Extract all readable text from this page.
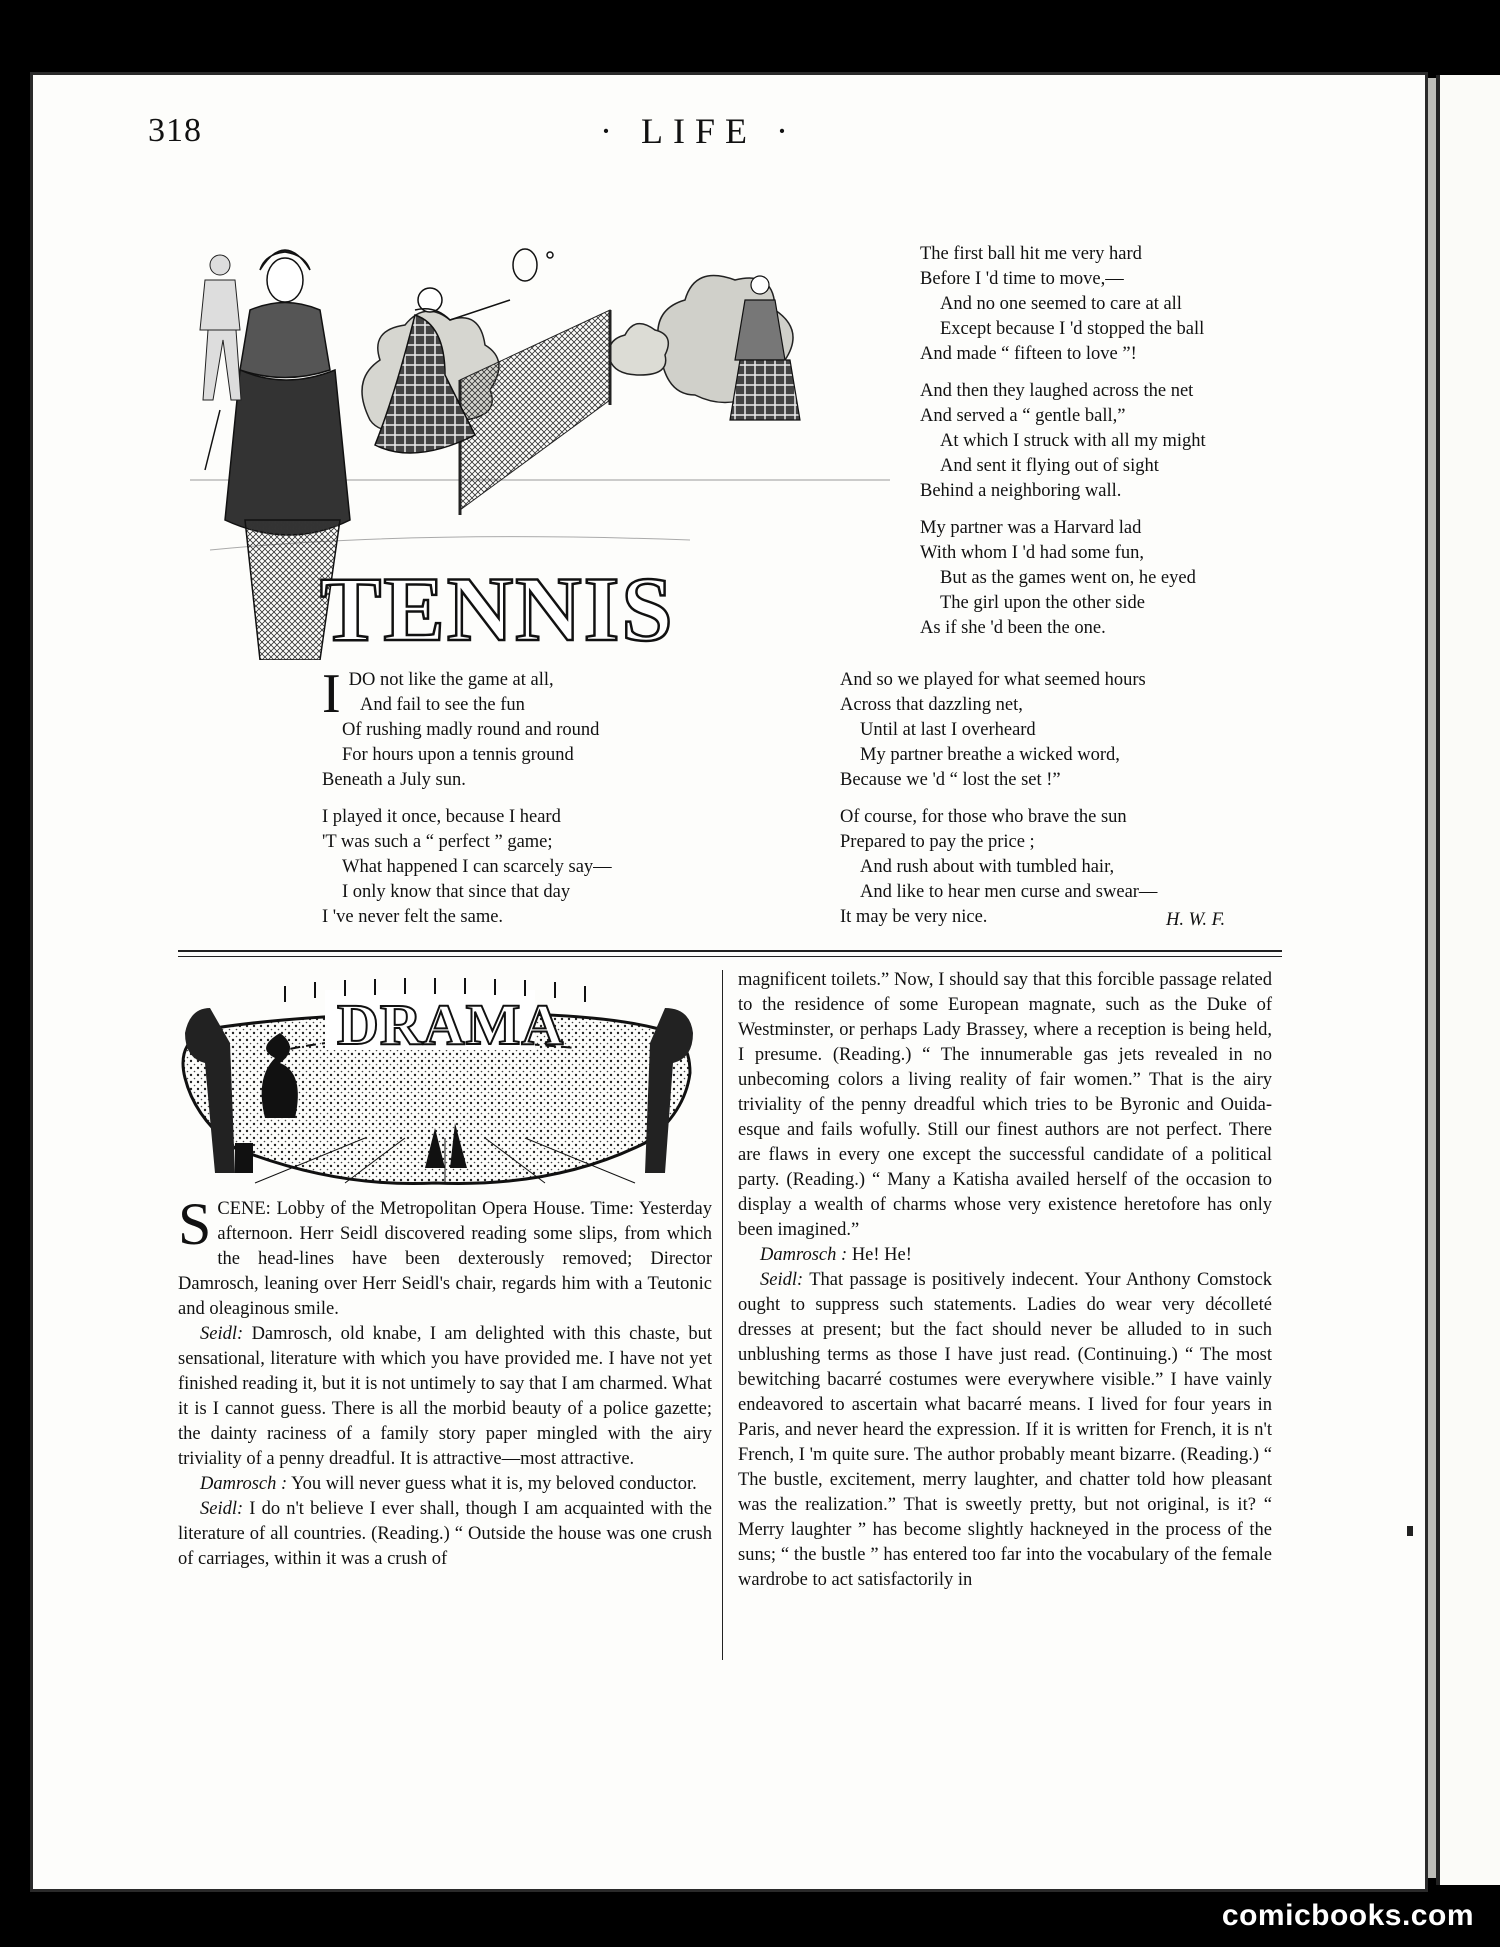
318	· LIFE ·
TENNIS
I DO not like the game at all,
And fail to see the fun
Of rushing madly round and round
For hours upon a tennis ground
Beneath a July sun.
I played it once, because I heard
'T was such a “ perfect ” game;
What happened I can scarcely say—
I only know that since that day
I 've never felt the same.
The first ball hit me very hard
Before I 'd time to move,—
And no one seemed to care at all
Except because I 'd stopped the ball
And made “ fifteen to love ”!
And then they laughed across the net
And served a “ gentle ball,”
At which I struck with all my might
And sent it flying out of sight
Behind a neighboring wall.
My partner was a Harvard lad
With whom I 'd had some fun,
But as the games went on, he eyed
The girl upon the other side
As if she 'd been the one.
And so we played for what seemed hours
Across that dazzling net,
Until at last I overheard
My partner breathe a wicked word,
Because we 'd “ lost the set !”
Of course, for those who brave the sun
Prepared to pay the price ;
And rush about with tumbled hair,
And like to hear men curse and swear—
It may be very nice.	H. W. F.
DRAMA

SCENE: Lobby of the Metropolitan Opera House. Time: Yesterday afternoon. Herr Seidl discovered reading some slips, from which the head-lines have been dexterously removed; Director Damrosch, leaning over Herr Seidl's chair, regards him with a Teutonic and oleaginous smile.

Seidl: Damrosch, old knabe, I am delighted with this chaste, but sensational, literature with which you have provided me. I have not yet finished reading it, but it is not untimely to say that I am charmed. What it is I cannot guess. There is all the morbid beauty of a police gazette; the dainty raciness of a family story paper mingled with the airy triviality of a penny dreadful. It is attractive—most attractive.

Damrosch : You will never guess what it is, my beloved conductor.

Seidl: I do n't believe I ever shall, though I am acquainted with the literature of all countries. (Reading.) “ Outside the house was one crush of carriages, within it was a crush of

magnificent toilets.” Now, I should say that this forcible passage related to the residence of some European magnate, such as the Duke of Westminster, or perhaps Lady Brassey, where a reception is being held, I presume. (Reading.) “ The innumerable gas jets revealed in no unbecoming colors a living reality of fair women.” That is the airy triviality of the penny dreadful which tries to be Byronic and Ouida-esque and fails wofully. Still our finest authors are not perfect. There are flaws in every one except the successful candidate of a political party. (Reading.) “ Many a Katisha availed herself of the occasion to display a wealth of charms whose very existence heretofore has only been imagined.”

Damrosch : He! He!

Seidl: That passage is positively indecent. Your Anthony Comstock ought to suppress such statements. Ladies do wear very décolleté dresses at present; but the fact should never be alluded to in such unblushing terms as those I have just read. (Continuing.) “ The most bewitching bacarré costumes were everywhere visible.” I have vainly endeavored to ascertain what bacarré means. I lived for four years in Paris, and never heard the expression. If it is written for French, it is n't French, I 'm quite sure. The author probably meant bizarre. (Reading.) “ The bustle, excitement, merry laughter, and chatter told how pleasant was the realization.” That is sweetly pretty, but not original, is it? “ Merry laughter ” has become slightly hackneyed in the process of the suns; “ the bustle ” has entered too far into the vocabulary of the female wardrobe to act satisfactorily in

comicbooks.com
